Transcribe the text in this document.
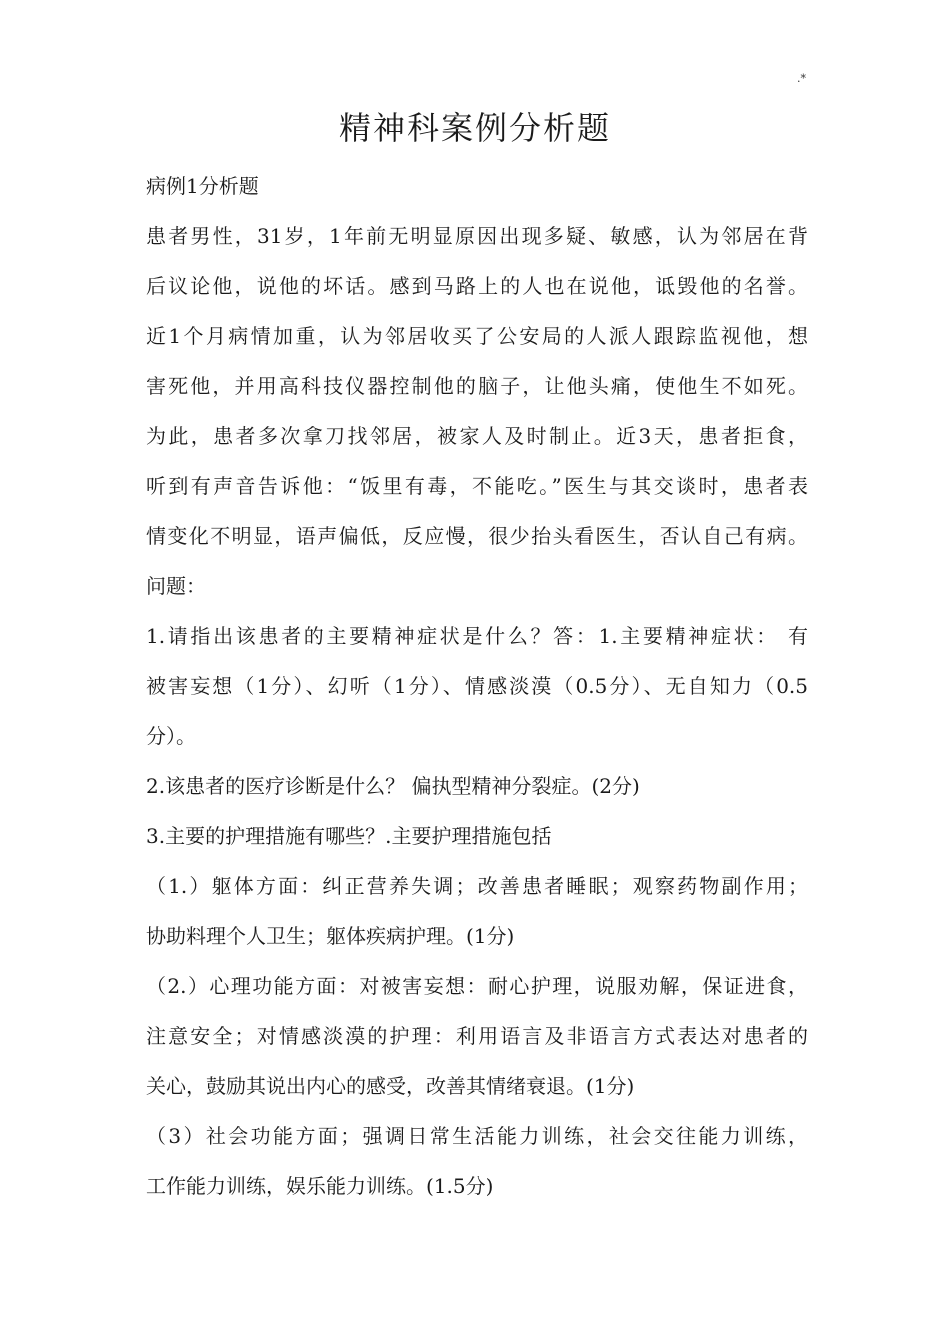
.*
精神科案例分析题
病例1分析题
患者男性，31岁，1年前无明显原因出现多疑、敏感，认为邻居在背
后议论他，说他的坏话。感到马路上的人也在说他，诋毁他的名誉。
近1个月病情加重，认为邻居收买了公安局的人派人跟踪监视他，想
害死他，并用高科技仪器控制他的脑子，让他头痛，使他生不如死。
为此，患者多次拿刀找邻居，被家人及时制止。近3天，患者拒食，
听到有声音告诉他：“饭里有毒，不能吃。”医生与其交谈时，患者表
情变化不明显，语声偏低，反应慢，很少抬头看医生，否认自己有病。
问题：
1.请指出该患者的主要精神症状是什么？答：1.主要精神症状： 有
被害妄想（1分）、幻听（1分）、情感淡漠（0.5分）、无自知力（0.5
分）。
2.该患者的医疗诊断是什么？ 偏执型精神分裂症。(2分)
3.主要的护理措施有哪些？.主要护理措施包括
（1.）躯体方面：纠正营养失调；改善患者睡眠；观察药物副作用；
协助料理个人卫生；躯体疾病护理。(1分)
（2.）心理功能方面：对被害妄想：耐心护理，说服劝解，保证进食，
注意安全；对情感淡漠的护理：利用语言及非语言方式表达对患者的
关心，鼓励其说出内心的感受，改善其情绪衰退。(1分)
（3）社会功能方面；强调日常生活能力训练，社会交往能力训练，
工作能力训练，娱乐能力训练。(1.5分)
